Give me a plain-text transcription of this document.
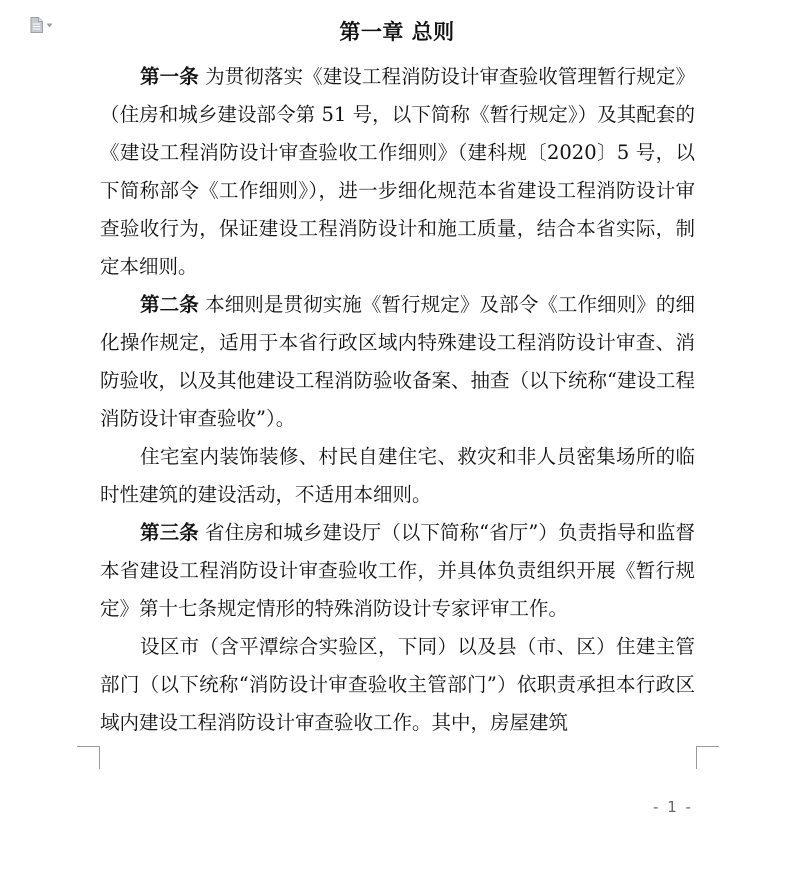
第一章 总则

第一条 为贯彻落实《建设工程消防设计审查验收管理暂行规定》（住房和城乡建设部令第 51 号，以下简称《暂行规定》）及其配套的《建设工程消防设计审查验收工作细则》（建科规〔2020〕5 号，以下简称部令《工作细则》），进一步细化规范本省建设工程消防设计审查验收行为，保证建设工程消防设计和施工质量，结合本省实际，制定本细则。

第二条 本细则是贯彻实施《暂行规定》及部令《工作细则》的细化操作规定，适用于本省行政区域内特殊建设工程消防设计审查、消防验收，以及其他建设工程消防验收备案、抽查（以下统称“建设工程消防设计审查验收”）。

住宅室内装饰装修、村民自建住宅、救灾和非人员密集场所的临时性建筑的建设活动，不适用本细则。

第三条 省住房和城乡建设厅（以下简称“省厅”）负责指导和监督本省建设工程消防设计审查验收工作，并具体负责组织开展《暂行规定》第十七条规定情形的特殊消防设计专家评审工作。

设区市（含平潭综合实验区，下同）以及县（市、区）住建主管部门（以下统称“消防设计审查验收主管部门”）依职责承担本行政区域内建设工程消防设计审查验收工作。其中，房屋建筑

- 1 -
